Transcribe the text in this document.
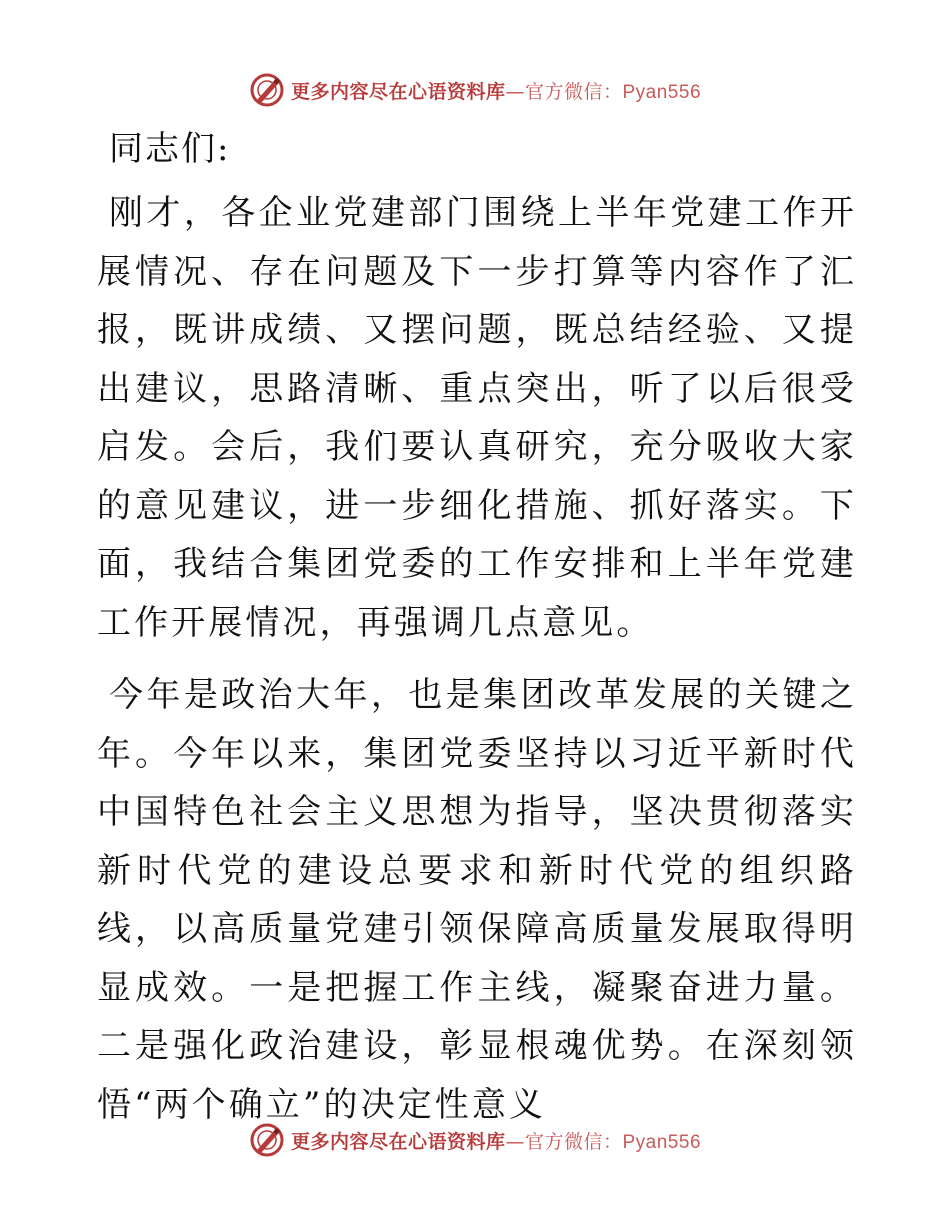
更多内容尽在心语资料库—官方微信：Pyan556

同志们:

刚才，各企业党建部门围绕上半年党建工作开展情况、存在问题及下一步打算等内容作了汇报，既讲成绩、又摆问题，既总结经验、又提出建议，思路清晰、重点突出，听了以后很受启发。会后，我们要认真研究，充分吸收大家的意见建议，进一步细化措施、抓好落实。下面，我结合集团党委的工作安排和上半年党建工作开展情况，再强调几点意见。

今年是政治大年，也是集团改革发展的关键之年。今年以来，集团党委坚持以习近平新时代中国特色社会主义思想为指导，坚决贯彻落实新时代党的建设总要求和新时代党的组织路线，以高质量党建引领保障高质量发展取得明显成效。一是把握工作主线，凝聚奋进力量。二是强化政治建设，彰显根魂优势。在深刻领悟“两个确立”的决定性意义

更多内容尽在心语资料库—官方微信：Pyan556
